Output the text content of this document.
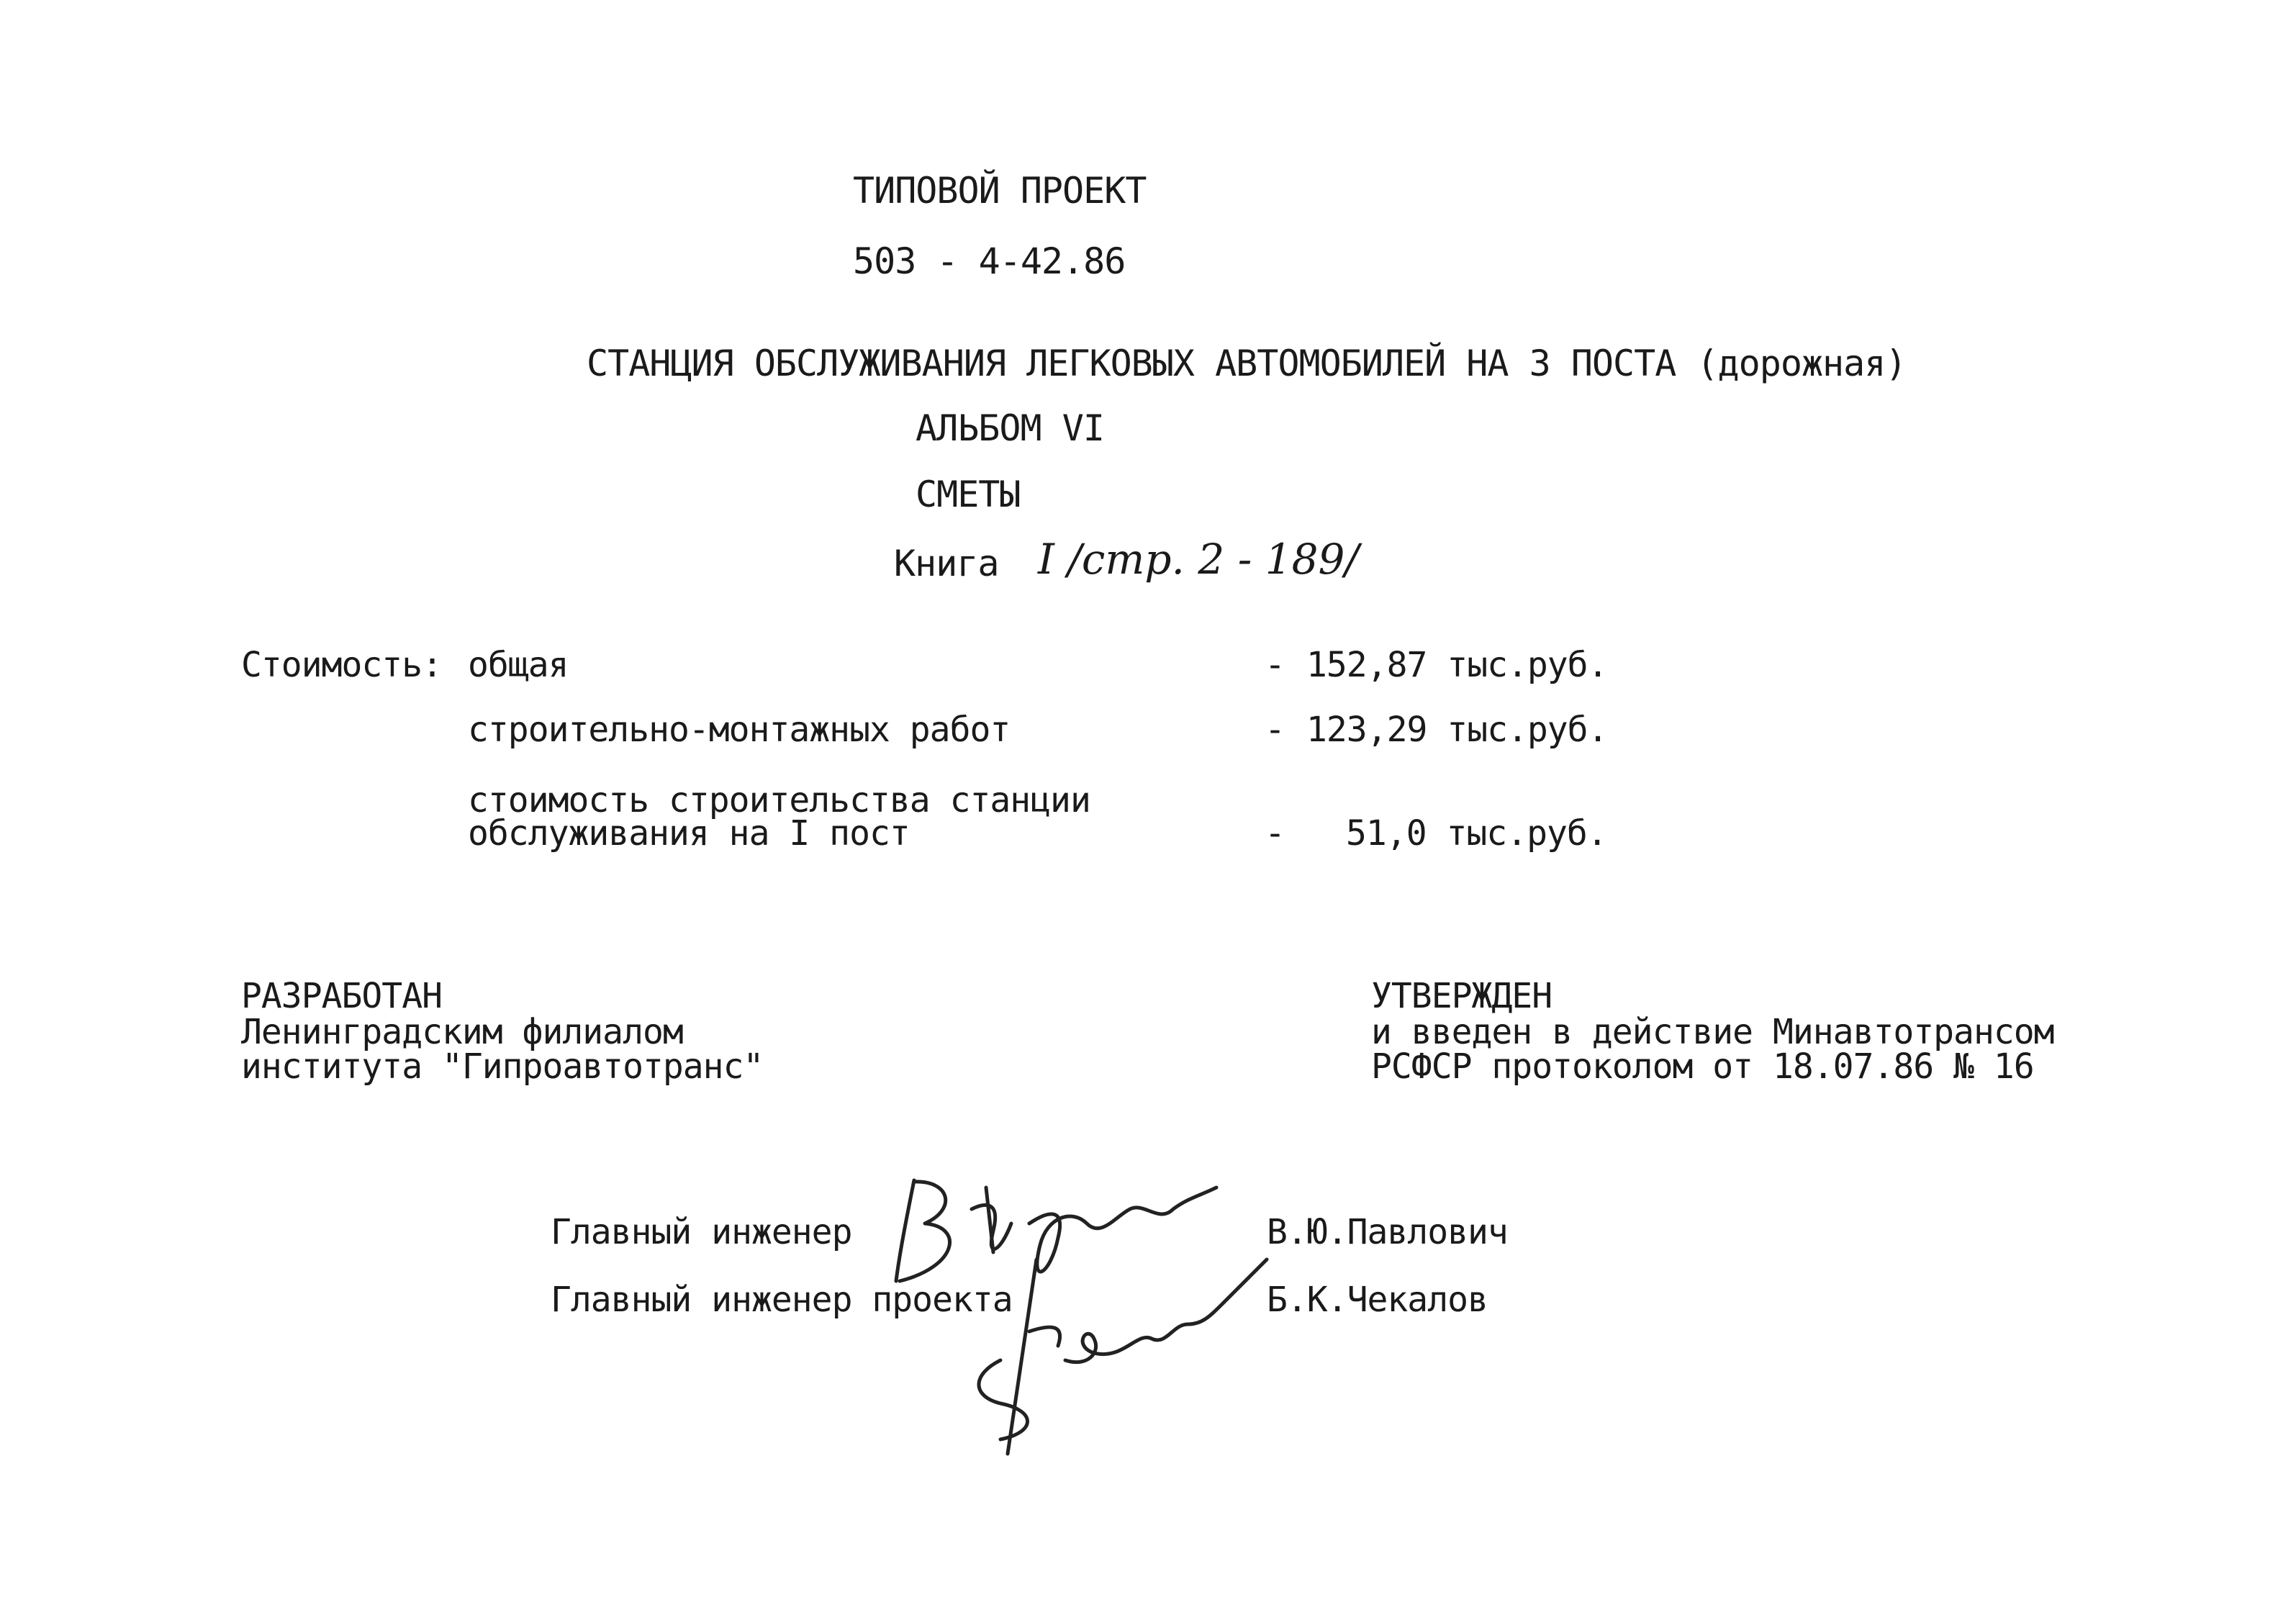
ТИПОВОЙ ПРОЕКТ
503 - 4-42.86
СТАНЦИЯ ОБСЛУЖИВАНИЯ ЛЕГКОВЫХ АВТОМОБИЛЕЙ НА 3 ПОСТА (дорожная)
АЛЬБОМ VI
СМЕТЫ
Книга I /стр. 2 - 189/
Стоимость: общая	- 152,87 тыс.руб.
строительно-монтажных работ	- 123,29 тыс.руб.
стоимость строительства станции
обслуживания на I пост	- 51,0 тыс.руб.
РАЗРАБОТАН
Ленинградским филиалом
института "Гипроавтотранс"
УТВЕРЖДЕН
и введен в действие Минавтотрансом
РСФСР протоколом от 18.07.86 № 16
Главный инженер	В.Ю.Павлович
Главный инженер проекта	Б.К.Чекалов
